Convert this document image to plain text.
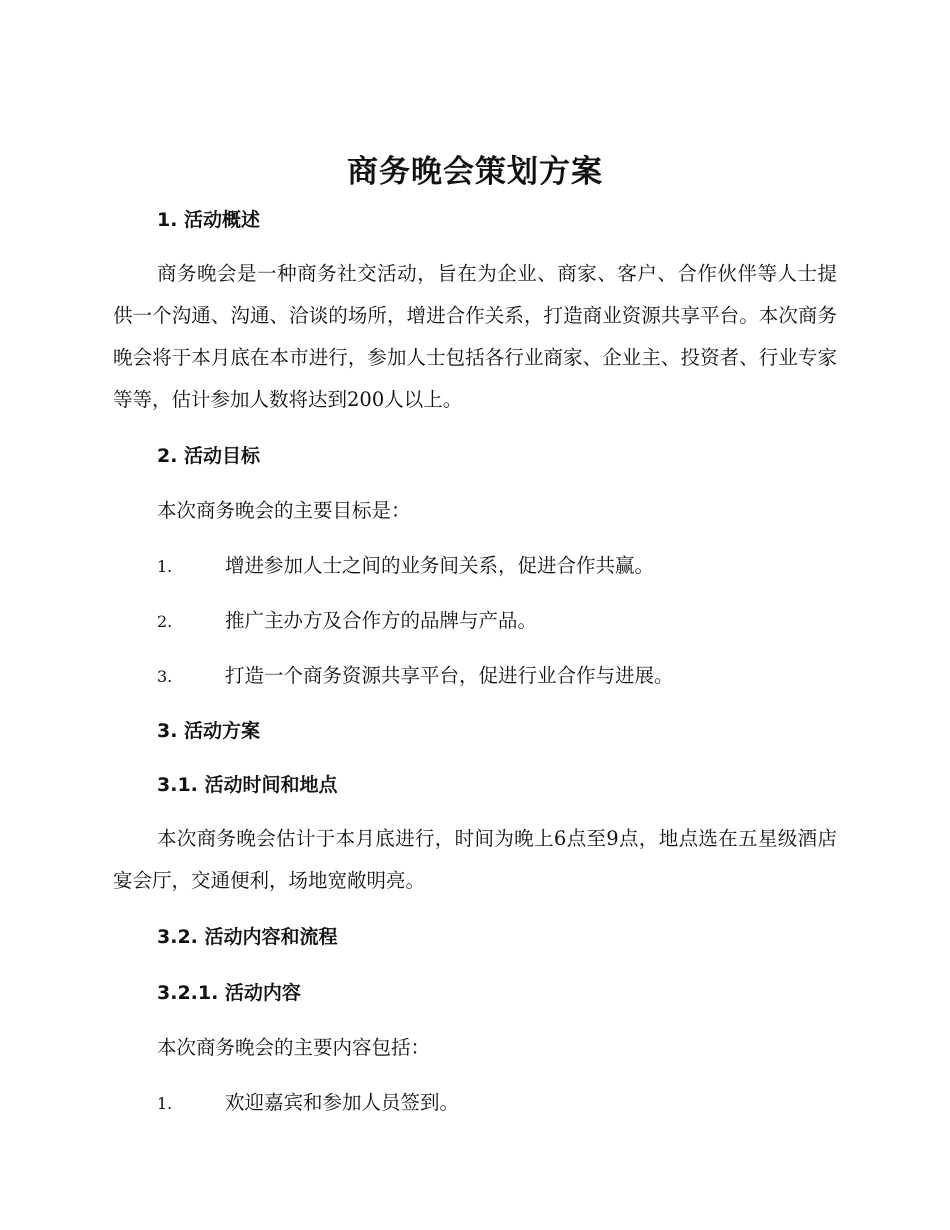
商务晚会策划方案
1. 活动概述

商务晚会是一种商务社交活动，旨在为企业、商家、客户、合作伙伴等人士提供一个沟通、沟通、洽谈的场所，增进合作关系，打造商业资源共享平台。本次商务晚会将于本月底在本市进行，参加人士包括各行业商家、企业主、投资者、行业专家等等，估计参加人数将达到200人以上。

2. 活动目标
本次商务晚会的主要目标是：
1.	增进参加人士之间的业务间关系，促进合作共赢。
2.	推广主办方及合作方的品牌与产品。
3.	打造一个商务资源共享平台，促进行业合作与进展。
3. 活动方案
3.1. 活动时间和地点

本次商务晚会估计于本月底进行，时间为晚上6点至9点，地点选在五星级酒店宴会厅，交通便利，场地宽敞明亮。

3.2. 活动内容和流程
3.2.1. 活动内容
本次商务晚会的主要内容包括：
1.	欢迎嘉宾和参加人员签到。
